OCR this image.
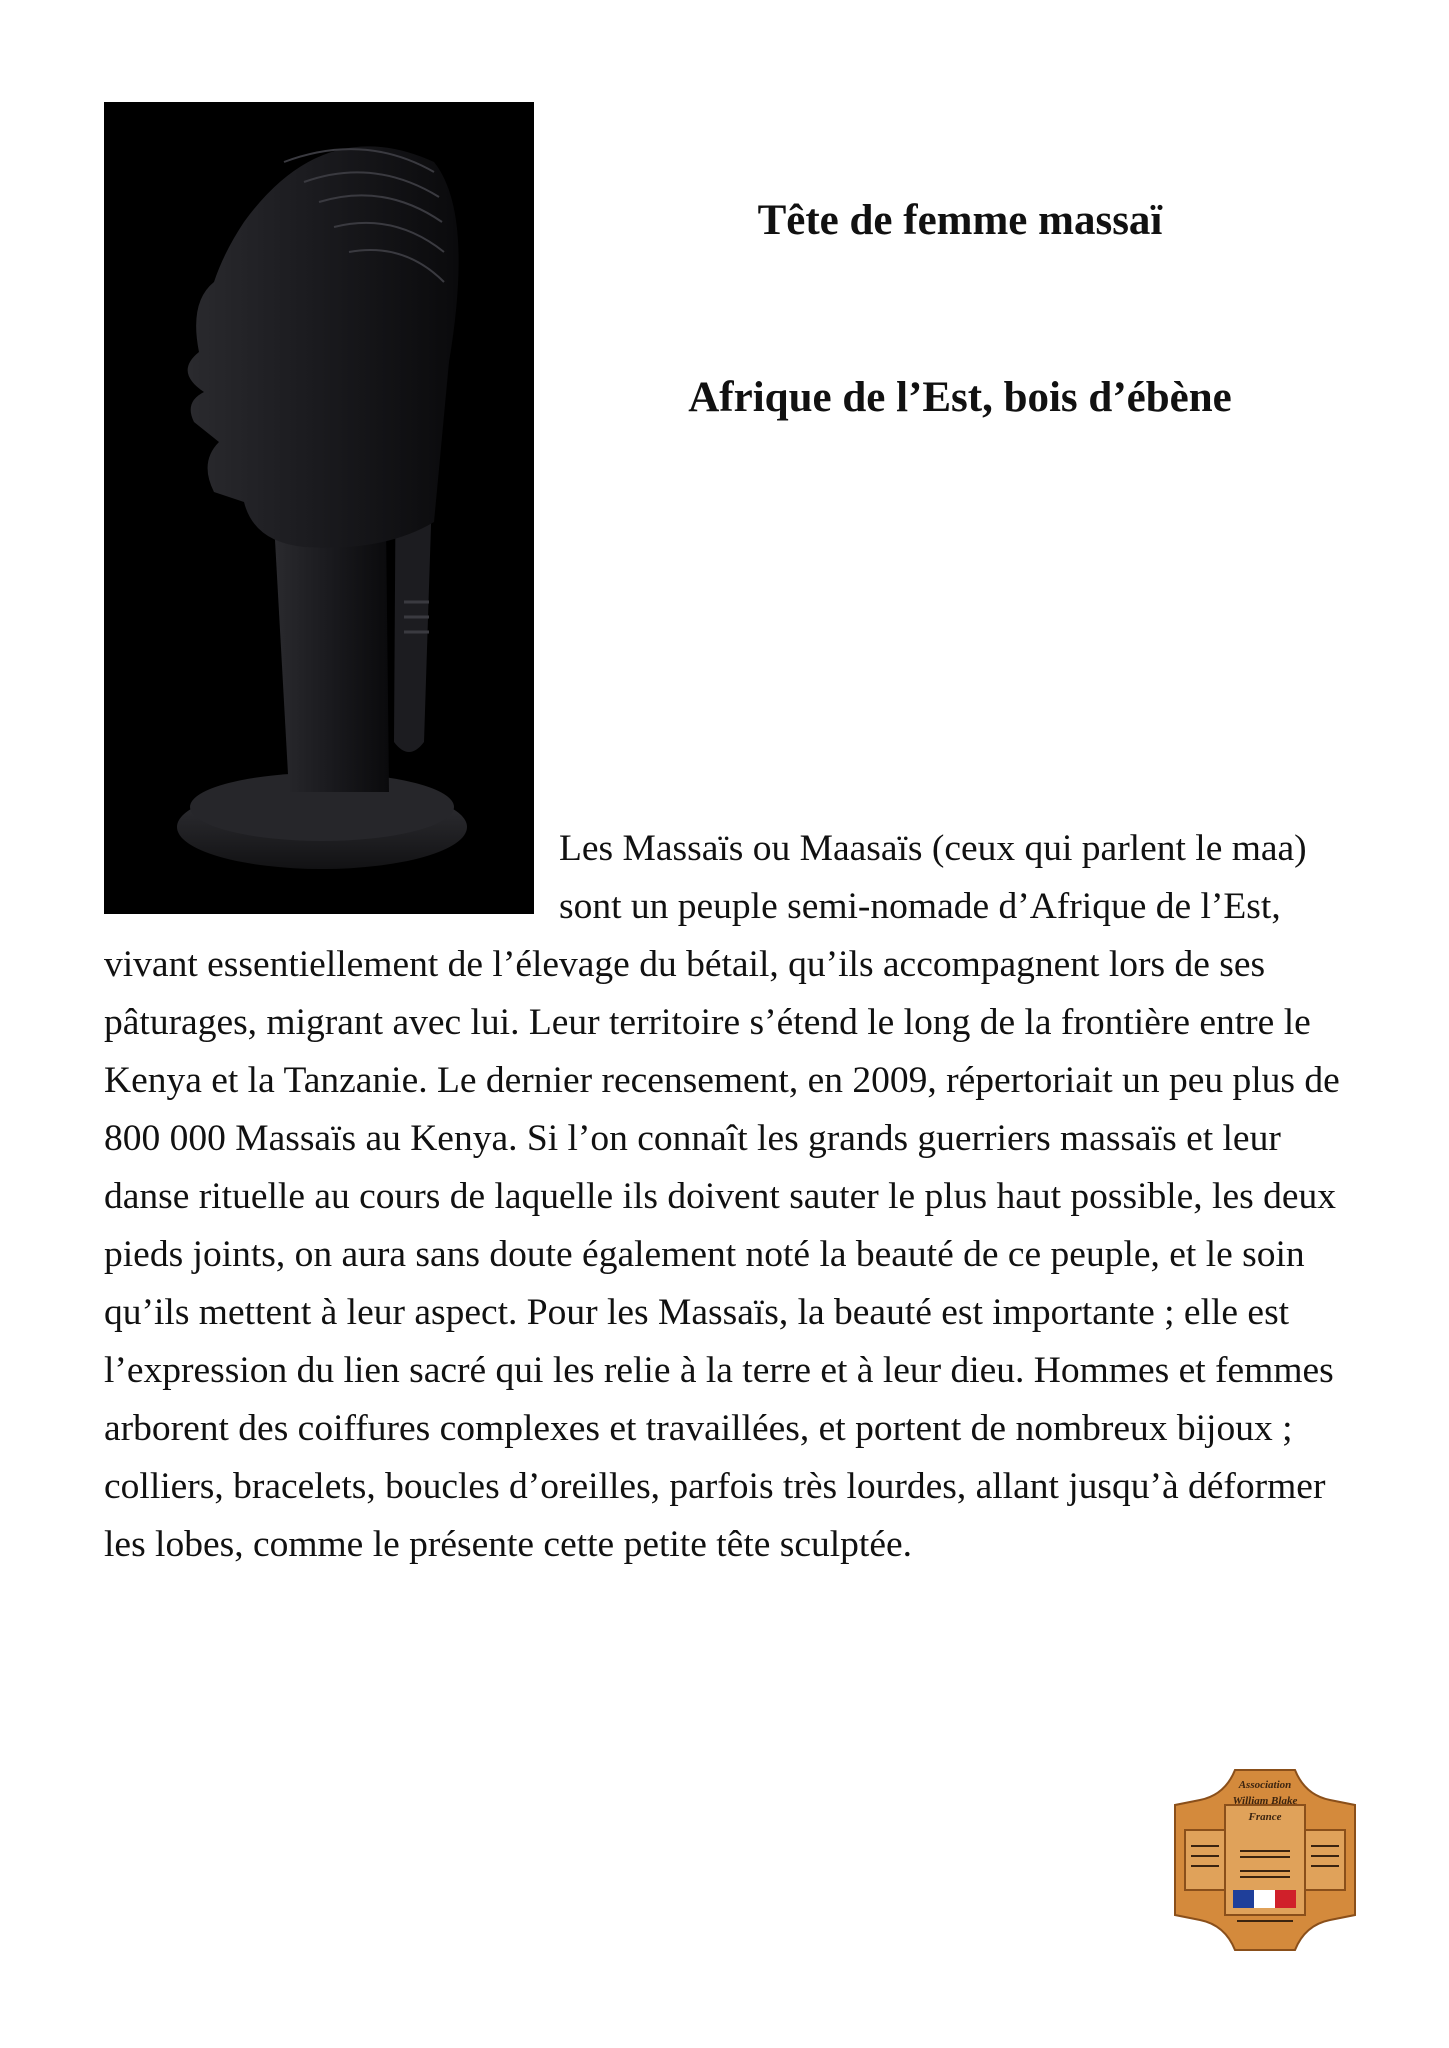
Tête de femme massaï
Afrique de l’Est, bois d’ébène
Les Massaïs ou Maasaïs (ceux qui parlent le maa) sont un peuple semi-nomade d’Afrique de l’Est, vivant essentiellement de l’élevage du bétail, qu’ils accompagnent lors de ses pâturages, migrant avec lui. Leur territoire s’étend le long de la frontière entre le Kenya et la Tanzanie. Le dernier recensement, en 2009, répertoriait un peu plus de 800 000 Massaïs au Kenya. Si l’on connaît les grands guerriers massaïs et leur danse rituelle au cours de laquelle ils doivent sauter le plus haut possible, les deux pieds joints, on aura sans doute également noté la beauté de ce peuple, et le soin qu’ils mettent à leur aspect. Pour les Massaïs, la beauté est importante ; elle est l’expression du lien sacré qui les relie à la terre et à leur dieu. Hommes et femmes arborent des coiffures complexes et travaillées, et portent de nombreux bijoux ; colliers, bracelets, boucles d’oreilles, parfois très lourdes, allant jusqu’à déformer les lobes, comme le présente cette petite tête sculptée.
Association
William Blake
France
